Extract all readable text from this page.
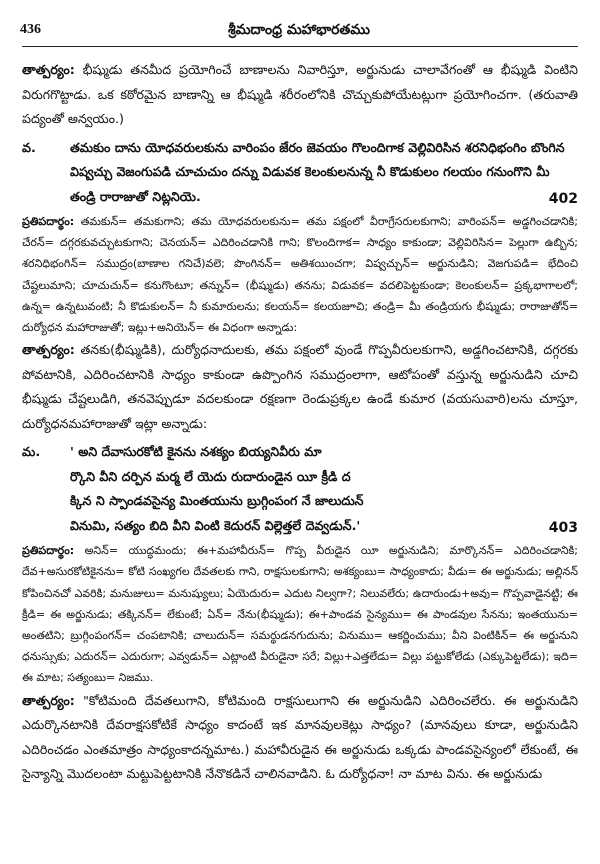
436	శ్రీమదాంధ్ర మహాభారతము

తాత్పర్యం: భీష్ముడు తనమీద ప్రయోగించే బాణాలను నివారిస్తూ, అర్జునుడు చాలావేగంతో ఆ భీష్ముడి వింటిని విరుగగొట్టాడు. ఒక కఠోరమైన బాణాన్ని ఆ భీష్ముడి శరీరంలోనికి చొచ్చుకుపోయేటట్లుగా ప్రయోగించగా. (తరువాతి పద్యంతో అన్వయం.)

వ.	తమకుం దాను యోధవరులకును వారింపం జేరం జెవయం గొలందిగాక వెల్లివిరిసిన శరనిధిభంగిం బొంగిన
విష్వచ్చు వెజంగుపడి చూచుచుం దన్ను విడువక కెలంకులనున్న నీ కొడుకులం గలయం గనుంగొని మీ
తండ్రి రారాజుతో నిట్లనియె.	402

ప్రతిపదార్థం: తమకున్= తమకుగాని; తమ యోధవరులకును= తమ పక్షంలో వీరాగ్రేసరులకుగాని; వారింపన్= అడ్డగించడానికి; చేరన్= దగ్గరకువచ్చుటకుగాని; చెనయన్= ఎదిరించడానికి గాని; కొలందిగాక= సాధ్యం కాకుండా; వెల్లివిరిసిన= పెల్లుగా ఉబ్బిన; శరనిధిభంగిన్= సముద్రం(బాణాల గనిచే)వలె; పొంగినన్= అతిశయించగా; విష్వచ్చున్= అర్జునుడిని; వెజగుపడి= భేదించి చేష్టలుమాని; చూచుచున్= కనుగొంటూ; తన్నున్= (భీష్ముడు) తనను; విడువక= వదలిపెట్టకుండా; కెలంకులన్= ప్రక్కభాగాలలో; ఉన్న= ఉన్నటువంటి; నీ కొడుకులన్= నీ కుమారులను; కలయన్= కలయజూచి; తండ్రి= మీ తండ్రియగు భీష్ముడు; రారాజుతోన్= దుర్యోధన మహారాజుతో; ఇట్లు+అనియెన్= ఈ విధంగా అన్నాడు:

తాత్పర్యం: తనకు(భీష్ముడికి), దుర్యోధనాదులకు, తమ పక్షంలో వుండే గొప్పవీరులకుగాని, అడ్డగించటానికి, దగ్గరకు పోవటానికి, ఎదిరించటానికి సాధ్యం కాకుండా ఉప్పొంగిన సముద్రంలాగా, ఆటోపంతో వస్తున్న అర్జునుడిని చూచి భీష్ముడు చేష్టలుడిగి, తనవెప్పుడూ వదలకుండా రక్షణగా రెండుప్రక్కల ఉండే కుమార (వయసువారి)లను చూస్తూ, దుర్యోధనమహారాజుతో ఇట్లా అన్నాడు:

మ. ' అని దేవాసురకోటి కైనను నశక్యం బియ్యనివీరు మా
ర్కొని వీని దర్పిన మర్మ లే యెదు రుదారుండైన యీ క్రీడి ద
క్కిన ని స్పాండవసైన్య మింతయును బ్రుగ్గింపంగ నే జాలుదున్
వినుమి, సత్యం బిది వీని వింటి కెదురన్ విల్లెత్తలే దెవ్వడున్.'	403

ప్రతిపదార్థం: అనిన్= యుద్ధమందు; ఈ+మహావీరున్= గొప్ప వీరుడైన యీ అర్జునుడిని; మార్కొనన్= ఎదిరించడానికి; దేవ+అసురకోటికైనను= కోటి సంఖ్యగల దేవతలకు గాని, రాక్షసులకుగాని; అశక్యంబు= సాధ్యంకాదు; వీడు= ఈ అర్జునుడు; అల్లినన్ కోపించినచో ఎవరికి; మనుజులు= మనుష్యులు; ఏయెదురు= ఎదుట నిల్వగా?; నిలువలేరు; ఉదారుండు+అవు= గొప్పవాడైనట్టి; ఈ క్రీడి= ఈ అర్జునుడు; తక్కినన్= లేకుంటే; ఏన్= నేను(భీష్ముడు); ఈ+పాండవ సైన్యము= ఈ పాండవుల సేనను; ఇంతయును= అంతటిని; బ్రుగ్గింపంగన్= చంపటానికి; చాలుదున్= సమర్థుడనగుదును; వినుము= ఆకర్ణించుము; వీని వింటికిన్= ఈ అర్జునుని ధనుస్సుకు; ఎదురన్= ఎదురుగా; ఎవ్వడున్= ఎట్లాంటి వీరుడైనా సరే; విల్లు+ఎత్తలేడు= విల్లు పట్టుకోలేడు (ఎక్కుపెట్టలేడు); ఇది= ఈ మాట; సత్యంబు= నిజము.

తాత్పర్యం: "కోటిమంది దేవతలుగాని, కోటిమంది రాక్షసులుగాని ఈ అర్జునుడిని ఎదిరించలేరు. ఈ అర్జునుడిని ఎదుర్కొనటానికి దేవరాక్షసకోటికే సాధ్యం కాదంటే ఇక మానవులకెట్లు సాధ్యం? (మానవులు కూడా, అర్జునుడిని ఎదిరించడం ఎంతమాత్రం సాధ్యంకాదన్నమాట.) మహావీరుడైన ఈ అర్జునుడు ఒక్కడు పాండవసైన్యంలో లేకుంటే, ఈ సైన్యాన్ని మొదలంటా మట్టుపెట్టటానికి నేనొకడినే చాలినవాడిని. ఓ దుర్యోధనా! నా మాట విను. ఈ అర్జునుడు
